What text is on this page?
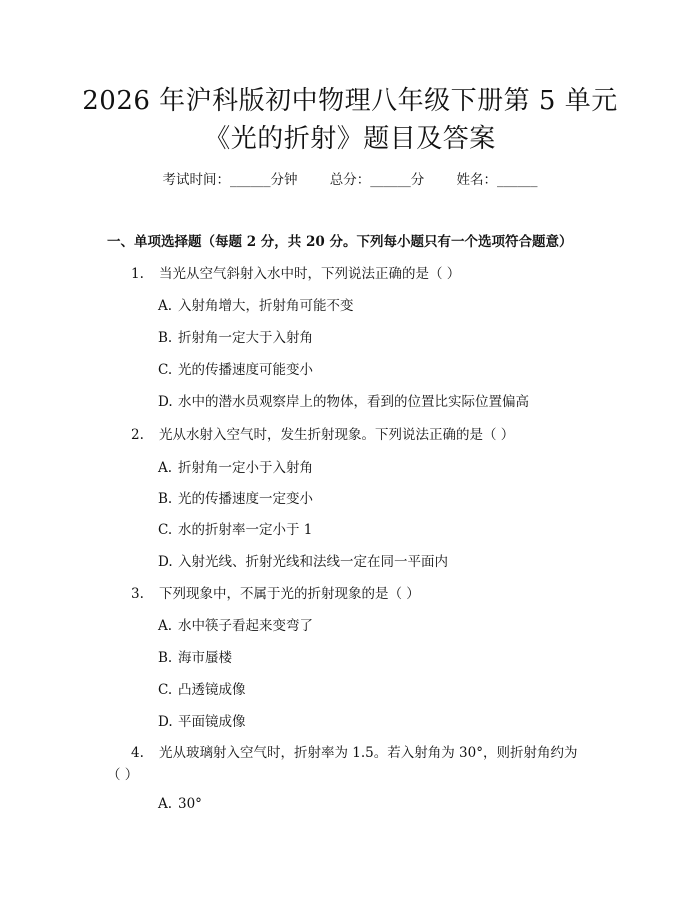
2026 年沪科版初中物理八年级下册第 5 单元
《光的折射》题目及答案
考试时间：______分钟 总分：______分 姓名：______
一、单项选择题（每题 2 分，共 20 分。下列每小题只有一个选项符合题意）
1. 当光从空气斜射入水中时，下列说法正确的是（ ）
A. 入射角增大，折射角可能不变
B. 折射角一定大于入射角
C. 光的传播速度可能变小
D. 水中的潜水员观察岸上的物体，看到的位置比实际位置偏高
2. 光从水射入空气时，发生折射现象。下列说法正确的是（ ）
A. 折射角一定小于入射角
B. 光的传播速度一定变小
C. 水的折射率一定小于 1
D. 入射光线、折射光线和法线一定在同一平面内
3. 下列现象中，不属于光的折射现象的是（ ）
A. 水中筷子看起来变弯了
B. 海市蜃楼
C. 凸透镜成像
D. 平面镜成像
4. 光从玻璃射入空气时，折射率为 1.5。若入射角为 30°，则折射角约为
（ ）
A. 30°
